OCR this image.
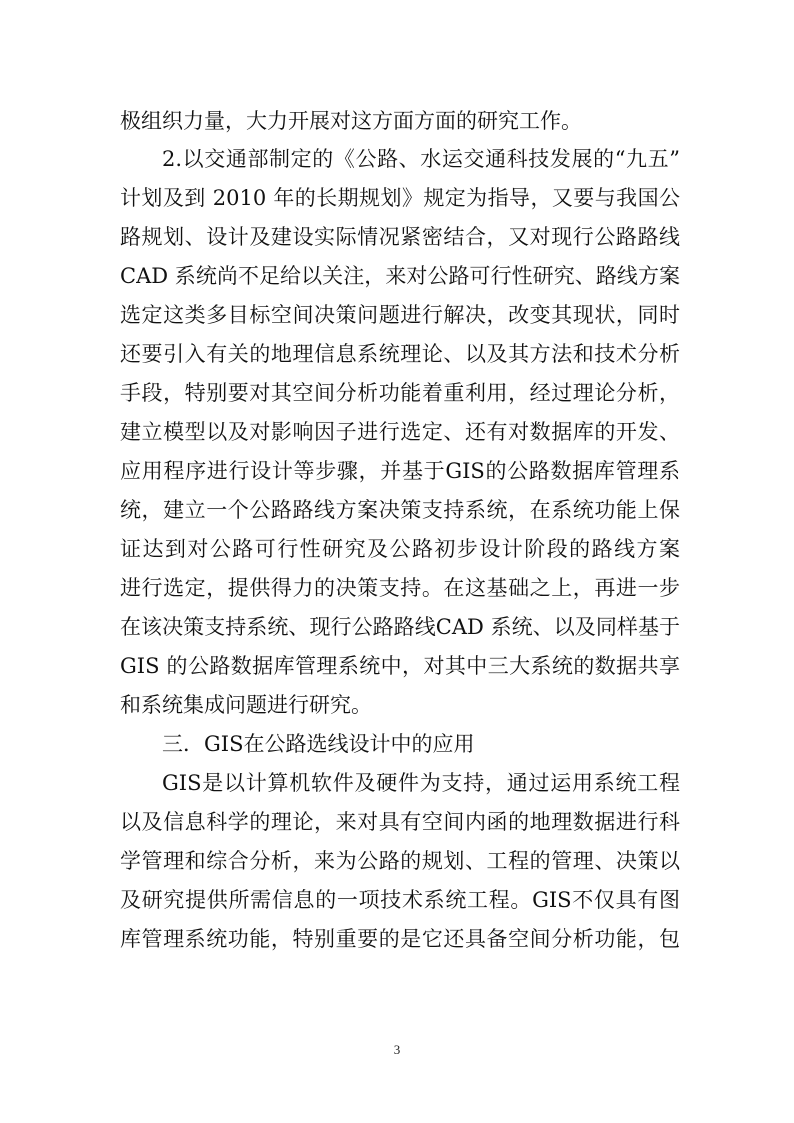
极组织力量，大力开展对这方面方面的研究工作。
2.以交通部制定的《公路、水运交通科技发展的“九五”
计划及到 2010 年的长期规划》规定为指导，又要与我国公
路规划、设计及建设实际情况紧密结合，又对现行公路路线
CAD 系统尚不足给以关注，来对公路可行性研究、路线方案
选定这类多目标空间决策问题进行解决，改变其现状，同时
还要引入有关的地理信息系统理论、以及其方法和技术分析
手段，特别要对其空间分析功能着重利用，经过理论分析，
建立模型以及对影响因子进行选定、还有对数据库的开发、
应用程序进行设计等步骤，并基于GIS的公路数据库管理系
统，建立一个公路路线方案决策支持系统，在系统功能上保
证达到对公路可行性研究及公路初步设计阶段的路线方案
进行选定，提供得力的决策支持。在这基础之上，再进一步
在该决策支持系统、现行公路路线CAD 系统、以及同样基于
GIS 的公路数据库管理系统中，对其中三大系统的数据共享
和系统集成问题进行研究。
三．GIS在公路选线设计中的应用
GIS是以计算机软件及硬件为支持，通过运用系统工程
以及信息科学的理论，来对具有空间内函的地理数据进行科
学管理和综合分析，来为公路的规划、工程的管理、决策以
及研究提供所需信息的一项技术系统工程。GIS不仅具有图
库管理系统功能，特别重要的是它还具备空间分析功能，包
3
